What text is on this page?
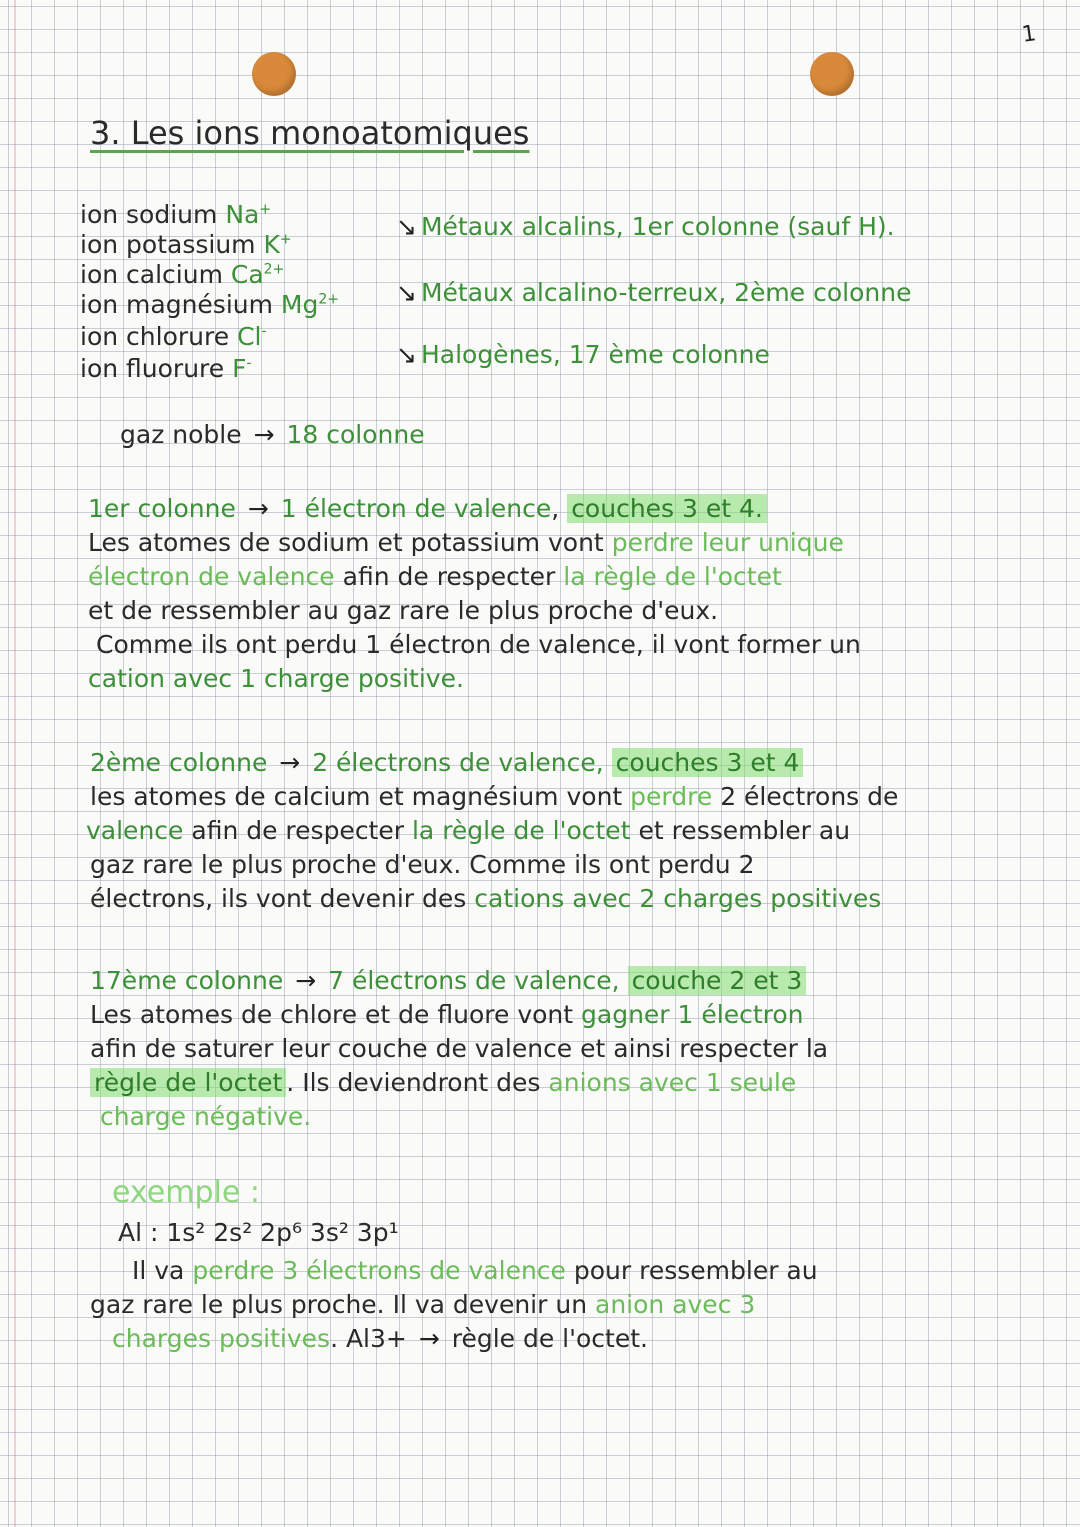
1
3. Les ions monoatomiques
ion sodium Na+
ion potassium K+
ion calcium $Ca^{2+}$
ion magnésium $Mg^{2+}$
ion chlorure Cl-
ion fluorure F-
↘ Métaux alcalins, 1er colonne (sauf H).
↘ Métaux alcalino-terreux, 2ème colonne
↘ Halogènes, 17 ème colonne
gaz noble → 18 colonne
1er colonne → 1 électron de valence, couches 3 et 4.
Les atomes de sodium et potassium vont perdre leur unique
électron de valence afin de respecter la règle de l'octet
et de ressembler au gaz rare le plus proche d'eux.
Comme ils ont perdu 1 électron de valence, il vont former un
cation avec 1 charge positive.
2ème colonne → 2 électrons de valence, couches 3 et 4
les atomes de calcium et magnésium vont perdre 2 électrons de
valence afin de respecter la règle de l'octet et ressembler au
gaz rare le plus proche d'eux. Comme ils ont perdu 2
électrons, ils vont devenir des cations avec 2 charges positives
17ème colonne → 7 électrons de valence, couche 2 et 3
Les atomes de chlore et de fluore vont gagner 1 électron
afin de saturer leur couche de valence et ainsi respecter la
règle de l'octet . Ils deviendront des anions avec 1 seule
charge négative.
exemple :
Al : 1s² 2s² 2p⁶ 3s² 3p¹
Il va perdre 3 électrons de valence pour ressembler au
gaz rare le plus proche. Il va devenir un anion avec 3
charges positives. Al3+ → règle de l'octet.
